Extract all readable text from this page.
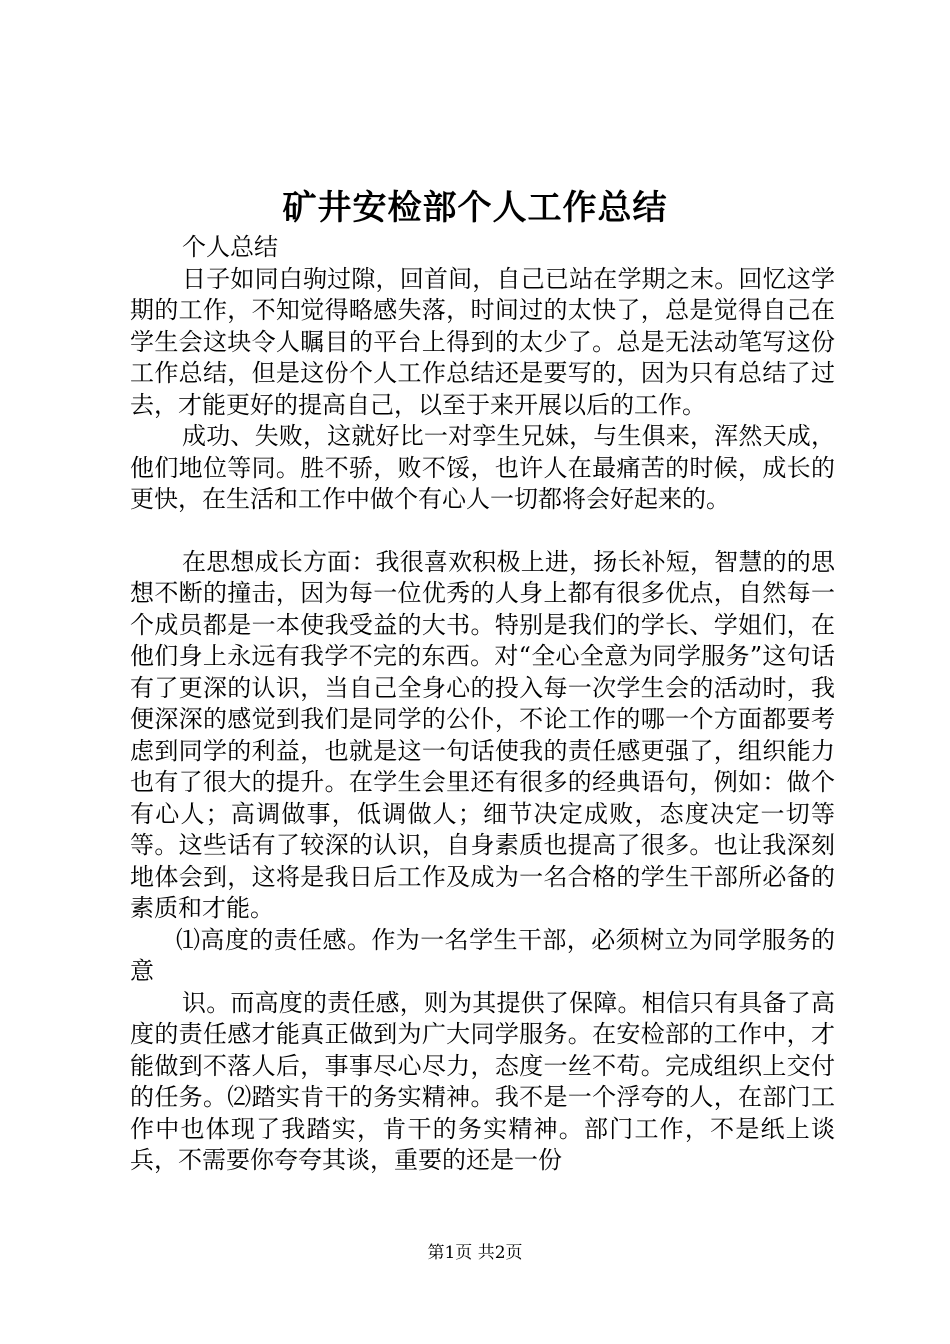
矿井安检部个人工作总结

个人总结

日子如同白驹过隙，回首间，自己已站在学期之末。回忆这学期的工作，不知觉得略感失落，时间过的太快了，总是觉得自己在学生会这块令人瞩目的平台上得到的太少了。总是无法动笔写这份工作总结，但是这份个人工作总结还是要写的，因为只有总结了过去，才能更好的提高自己，以至于来开展以后的工作。

成功、失败，这就好比一对孪生兄妹，与生俱来，浑然天成，他们地位等同。胜不骄，败不馁，也许人在最痛苦的时候，成长的更快，在生活和工作中做个有心人一切都将会好起来的。

在思想成长方面：我很喜欢积极上进，扬长补短，智慧的的思想不断的撞击，因为每一位优秀的人身上都有很多优点，自然每一个成员都是一本使我受益的大书。特别是我们的学长、学姐们，在他们身上永远有我学不完的东西。对“全心全意为同学服务”这句话有了更深的认识，当自己全身心的投入每一次学生会的活动时，我便深深的感觉到我们是同学的公仆，不论工作的哪一个方面都要考虑到同学的利益，也就是这一句话使我的责任感更强了，组织能力也有了很大的提升。在学生会里还有很多的经典语句，例如：做个有心人；高调做事，低调做人；细节决定成败，态度决定一切等等。这些话有了较深的认识，自身素质也提高了很多。也让我深刻地体会到，这将是我日后工作及成为一名合格的学生干部所必备的素质和才能。

⑴高度的责任感。作为一名学生干部，必须树立为同学服务的意

识。而高度的责任感，则为其提供了保障。相信只有具备了高度的责任感才能真正做到为广大同学服务。在安检部的工作中，才能做到不落人后，事事尽心尽力，态度一丝不苟。完成组织上交付的任务。⑵踏实肯干的务实精神。我不是一个浮夸的人，在部门工作中也体现了我踏实，肯干的务实精神。部门工作，不是纸上谈兵，不需要你夸夸其谈，重要的还是一份

第1页 共2页
